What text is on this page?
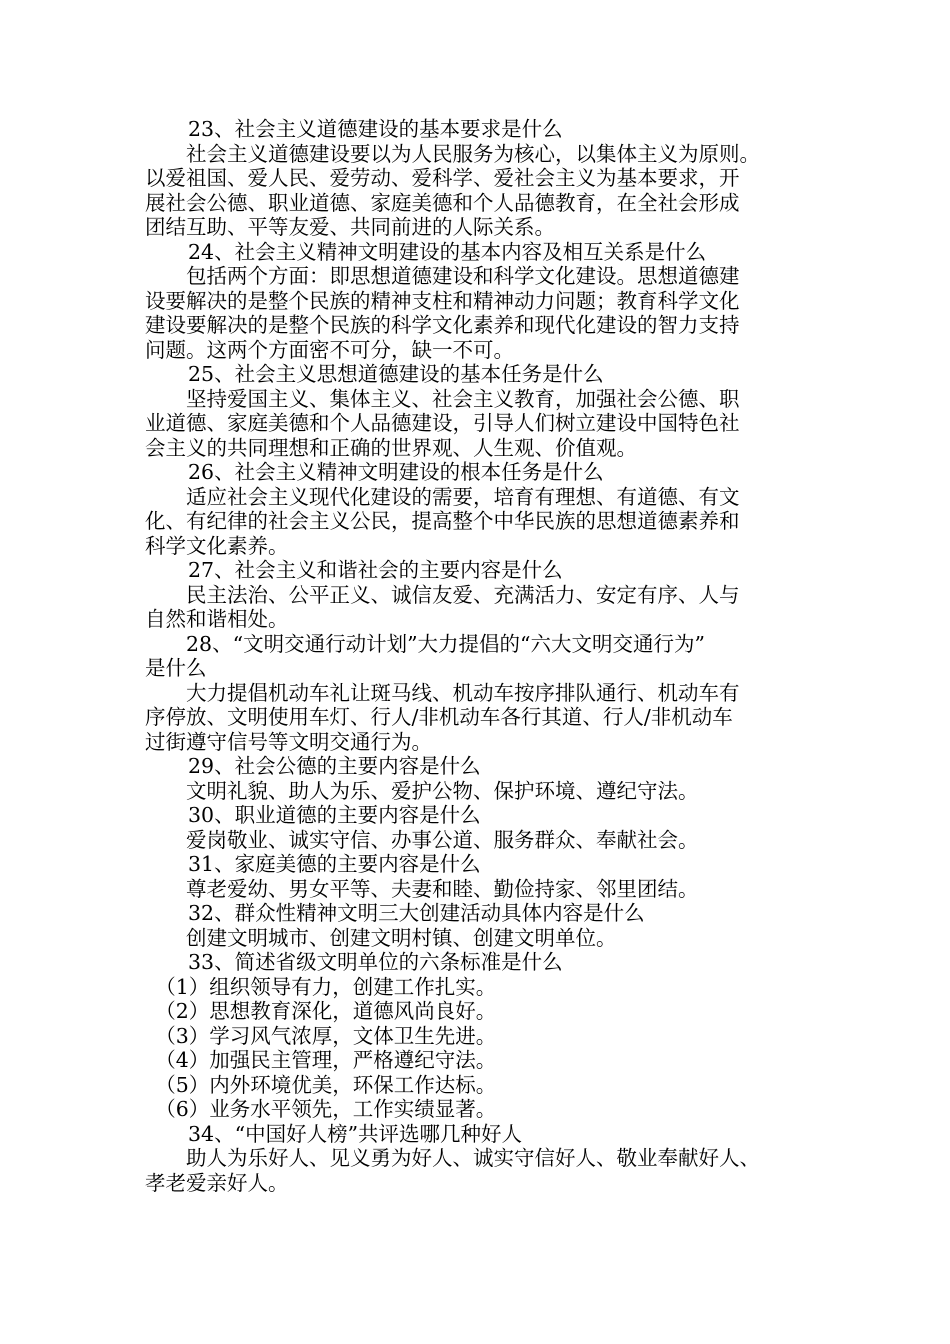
23、社会主义道德建设的基本要求是什么

　　社会主义道德建设要以为人民服务为核心，以集体主义为原则。
以爱祖国、爱人民、爱劳动、爱科学、爱社会主义为基本要求，开
展社会公德、职业道德、家庭美德和个人品德教育，在全社会形成
团结互助、平等友爱、共同前进的人际关系。

24、社会主义精神文明建设的基本内容及相互关系是什么

　　包括两个方面：即思想道德建设和科学文化建设。思想道德建
设要解决的是整个民族的精神支柱和精神动力问题；教育科学文化
建设要解决的是整个民族的科学文化素养和现代化建设的智力支持
问题。这两个方面密不可分，缺一不可。

25、社会主义思想道德建设的基本任务是什么

　　坚持爱国主义、集体主义、社会主义教育，加强社会公德、职
业道德、家庭美德和个人品德建设，引导人们树立建设中国特色社
会主义的共同理想和正确的世界观、人生观、价值观。

26、社会主义精神文明建设的根本任务是什么

　　适应社会主义现代化建设的需要，培育有理想、有道德、有文
化、有纪律的社会主义公民，提高整个中华民族的思想道德素养和
科学文化素养。

27、社会主义和谐社会的主要内容是什么

　　民主法治、公平正义、诚信友爱、充满活力、安定有序、人与
自然和谐相处。
　　28、“文明交通行动计划”大力提倡的“六大文明交通行为”
是什么
　　大力提倡机动车礼让斑马线、机动车按序排队通行、机动车有
序停放、文明使用车灯、行人/非机动车各行其道、行人/非机动车
过街遵守信号等文明交通行为。

29、社会公德的主要内容是什么

　　文明礼貌、助人为乐、爱护公物、保护环境、遵纪守法。

30、职业道德的主要内容是什么

　　爱岗敬业、诚实守信、办事公道、服务群众、奉献社会。

31、家庭美德的主要内容是什么

　　尊老爱幼、男女平等、夫妻和睦、勤俭持家、邻里团结。

32、群众性精神文明三大创建活动具体内容是什么

　　创建文明城市、创建文明村镇、创建文明单位。

33、简述省级文明单位的六条标准是什么

　（1）组织领导有力，创建工作扎实。
　（2）思想教育深化，道德风尚良好。
　（3）学习风气浓厚，文体卫生先进。
　（4）加强民主管理，严格遵纪守法。
　（5）内外环境优美，环保工作达标。
　（6）业务水平领先，工作实绩显著。

34、“中国好人榜”共评选哪几种好人

　　助人为乐好人、见义勇为好人、诚实守信好人、敬业奉献好人、
孝老爱亲好人。
